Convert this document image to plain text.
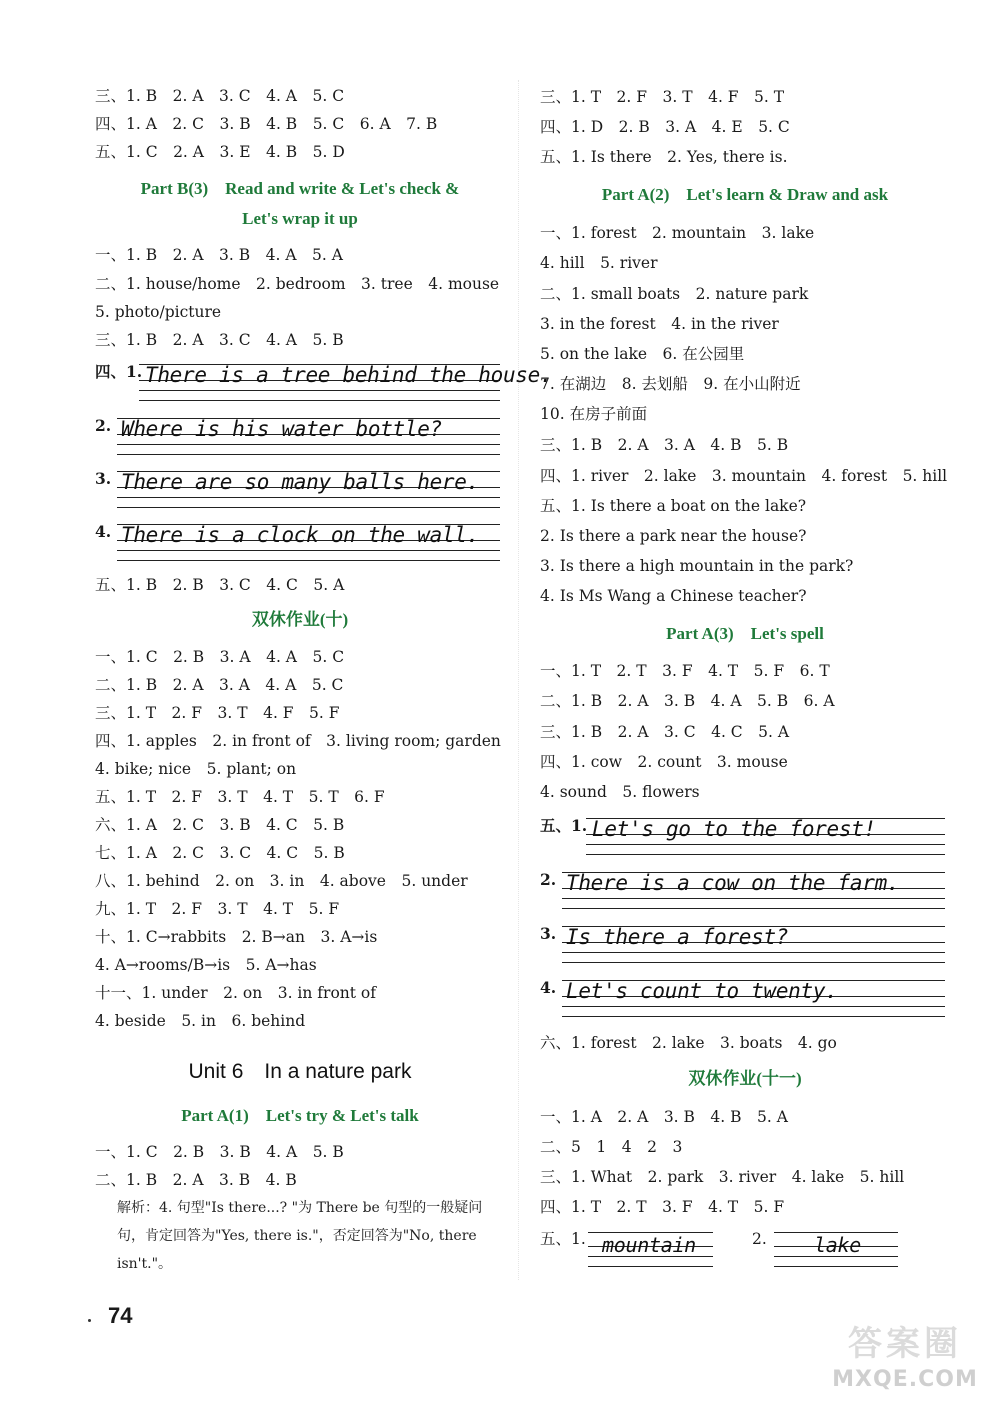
三、1. B　2. A　3. C　4. A　5. C
四、1. A　2. C　3. B　4. B　5. C　6. A　7. B
五、1. C　2. A　3. E　4. B　5. D
Part B(3)　Read and write & Let's check &
Let's wrap it up
一、1. B　2. A　3. B　4. A　5. A
二、1. house/home　2. bedroom　3. tree　4. mouse
5. photo/picture
三、1. B　2. A　3. C　4. A　5. B
四、1. There is a tree behind the house.
2. Where is his water bottle?
3. There are so many balls here.
4. There is a clock on the wall.
五、1. B　2. B　3. C　4. C　5. A
双休作业(十)
一、1. C　2. B　3. A　4. A　5. C
二、1. B　2. A　3. A　4. A　5. C
三、1. T　2. F　3. T　4. F　5. F
四、1. apples　2. in front of　3. living room; garden
4. bike; nice　5. plant; on
五、1. T　2. F　3. T　4. T　5. T　6. F
六、1. A　2. C　3. B　4. C　5. B
七、1. A　2. C　3. C　4. C　5. B
八、1. behind　2. on　3. in　4. above　5. under
九、1. T　2. F　3. T　4. T　5. F
十、1. C→rabbits　2. B→an　3. A→is
4. A→rooms/B→is　5. A→has
十一、1. under　2. on　3. in front of
4. beside　5. in　6. behind
Unit 6　In a nature park
Part A(1)　Let's try & Let's talk
一、1. C　2. B　3. B　4. A　5. B
二、1. B　2. A　3. B　4. B
解析：4. 句型"Is there...? "为 There be 句型的一般疑问句，肯定回答为"Yes, there is."，否定回答为"No, there isn't."。
三、1. T　2. F　3. T　4. F　5. T
四、1. D　2. B　3. A　4. E　5. C
五、1. Is there　2. Yes, there is.
Part A(2)　Let's learn & Draw and ask
一、1. forest　2. mountain　3. lake
4. hill　5. river
二、1. small boats　2. nature park
3. in the forest　4. in the river
5. on the lake　6. 在公园里
7. 在湖边　8. 去划船　9. 在小山附近
10. 在房子前面
三、1. B　2. A　3. A　4. B　5. B
四、1. river　2. lake　3. mountain　4. forest　5. hill
五、1. Is there a boat on the lake?
2. Is there a park near the house?
3. Is there a high mountain in the park?
4. Is Ms Wang a Chinese teacher?
Part A(3)　Let's spell
一、1. T　2. T　3. F　4. T　5. F　6. T
二、1. B　2. A　3. B　4. A　5. B　6. A
三、1. B　2. A　3. C　4. C　5. A
四、1. cow　2. count　3. mouse
4. sound　5. flowers
五、1. Let's go to the forest!
2. There is a cow on the farm.
3. Is there a forest?
4. Let's count to twenty.
六、1. forest　2. lake　3. boats　4. go
双休作业(十一)
一、1. A　2. A　3. B　4. B　5. A
二、5　1　4　2　3
三、1. What　2. park　3. river　4. lake　5. hill
四、1. T　2. T　3. F　4. T　5. F
五、1. mountain	2. lake
74
答案圈
MXQE.COM
